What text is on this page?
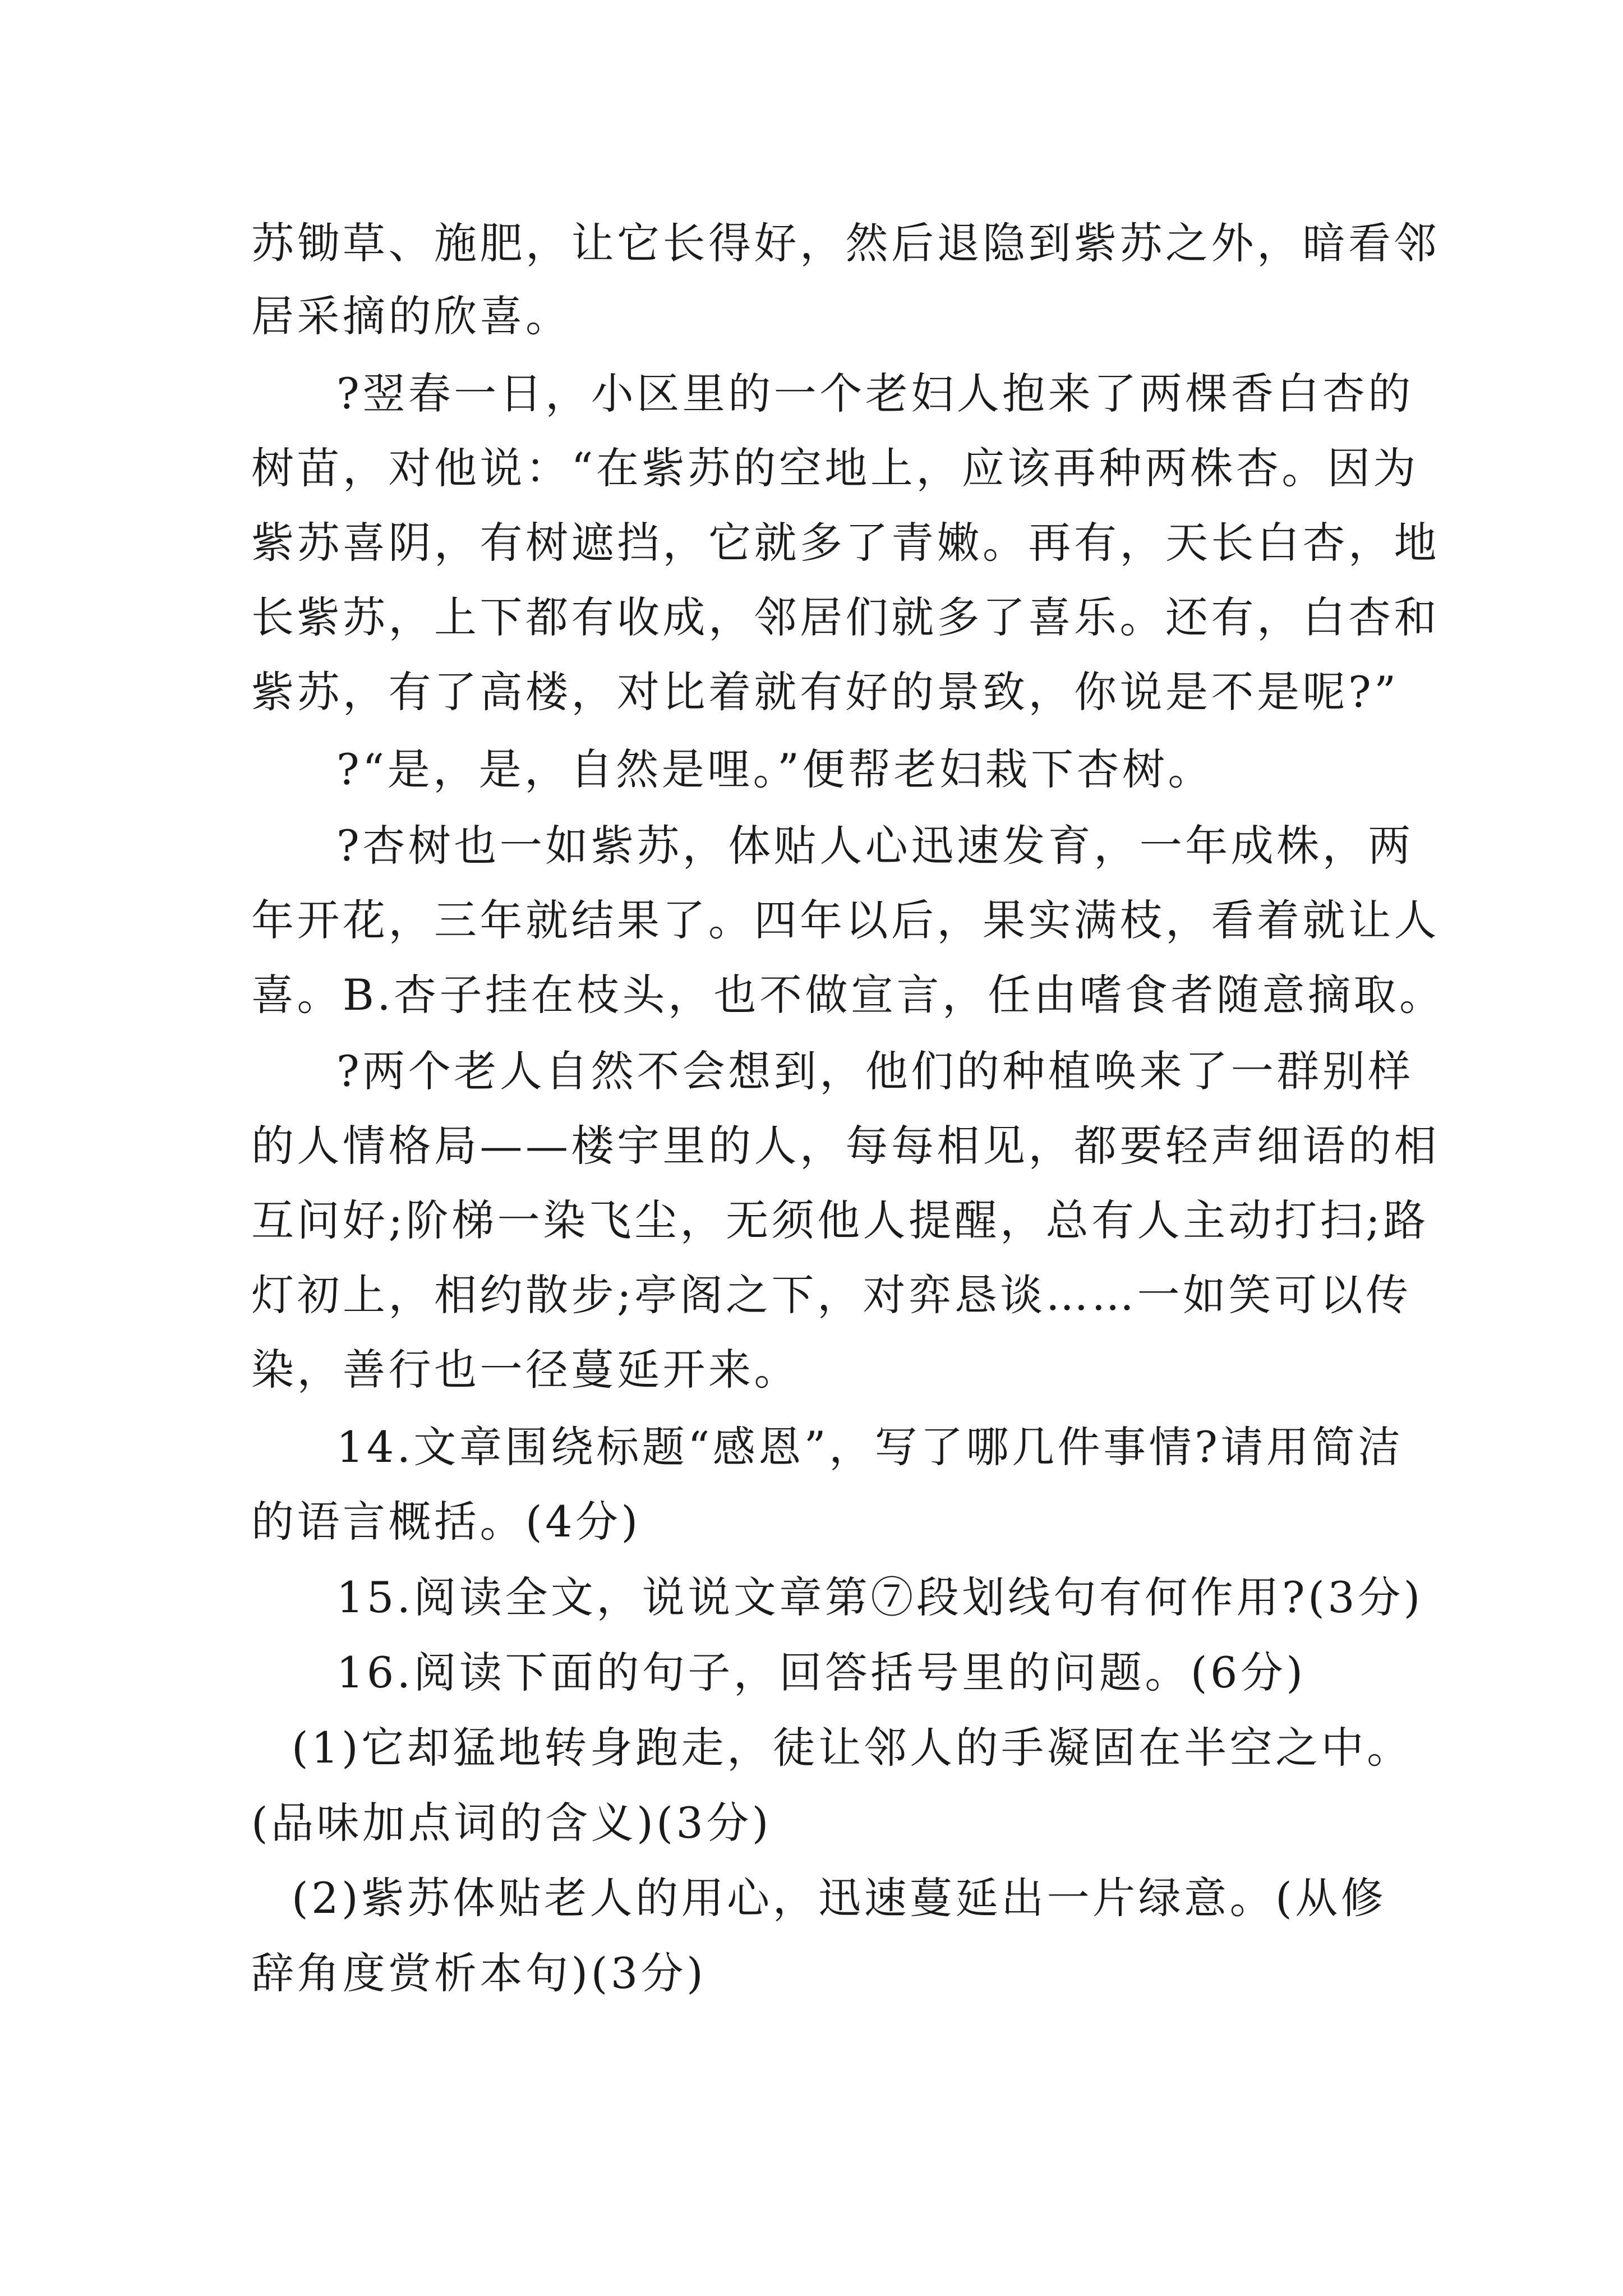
苏锄草、施肥，让它长得好，然后退隐到紫苏之外，暗看邻
居采摘的欣喜。
?翌春一日，小区里的一个老妇人抱来了两棵香白杏的
树苗，对他说：“在紫苏的空地上，应该再种两株杏。因为
紫苏喜阴，有树遮挡，它就多了青嫩。再有，天长白杏，地
长紫苏，上下都有收成，邻居们就多了喜乐。还有，白杏和
紫苏，有了高楼，对比着就有好的景致，你说是不是呢?”
?“是，是，自然是哩。”便帮老妇栽下杏树。
?杏树也一如紫苏，体贴人心迅速发育，一年成株，两
年开花，三年就结果了。四年以后，果实满枝，看着就让人
喜。B.杏子挂在枝头，也不做宣言，任由嗜食者随意摘取。
?两个老人自然不会想到，他们的种植唤来了一群别样
的人情格局——楼宇里的人，每每相见，都要轻声细语的相
互问好;阶梯一染飞尘，无须他人提醒，总有人主动打扫;路
灯初上，相约散步;亭阁之下，对弈恳谈……一如笑可以传
染，善行也一径蔓延开来。
14.文章围绕标题“感恩”，写了哪几件事情?请用简洁
的语言概括。(4分)
15.阅读全文，说说文章第⑦段划线句有何作用?(3分)
16.阅读下面的句子，回答括号里的问题。(6分)
(1)它却猛地转身跑走，徒让邻人的手凝固在半空之中。
(品味加点词的含义)(3分)
(2)紫苏体贴老人的用心，迅速蔓延出一片绿意。(从修
辞角度赏析本句)(3分)
